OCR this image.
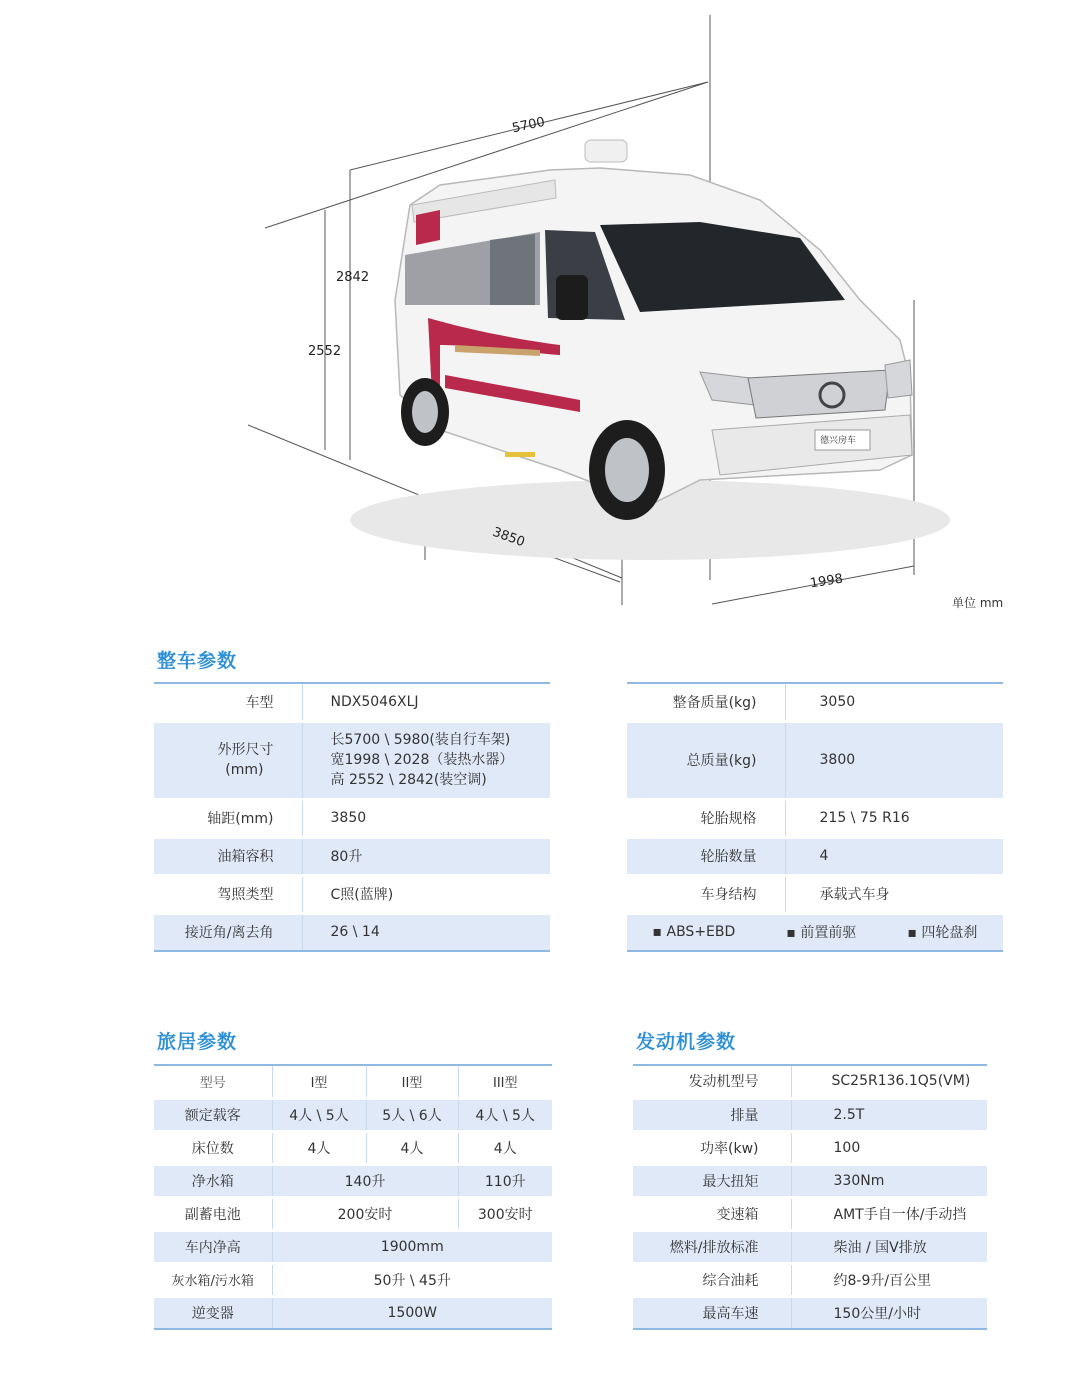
5700
2842
2552
3850
1998
德兴房车
单位 mm
整车参数
车型	NDX5046XLJ

外形尺寸
(mm)	长5700 \ 5980(装自行车架)
宽1998 \ 2028（装热水器）
高 2552 \ 2842(装空调)

轴距(mm)	3850
油箱容积	80升
驾照类型	C照(蓝牌)
接近角/离去角	26 \ 14
整备质量(kg)	3050
总质量(kg)	3800
轮胎规格	215 \ 75 R16
轮胎数量	4
车身结构	承载式车身

▪ ABS+EBD ▪ 前置前驱 ▪ 四轮盘刹
旅居参数
型号	I型	II型	III型
额定载客	4人 \ 5人	5人 \ 6人	4人 \ 5人
床位数	4人	4人	4人
净水箱	140升		110升
副蓄电池	200安时		300安时
车内净高	1900mm		
灰水箱/污水箱	50升 \ 45升		
逆变器	1500W		
发动机参数
发动机型号	SC25R136.1Q5(VM)
排量	2.5T
功率(kw)	100
最大扭矩	330Nm
变速箱	AMT手自一体/手动挡
燃料/排放标准	柴油 / 国V排放
综合油耗	约8-9升/百公里
最高车速	150公里/小时
